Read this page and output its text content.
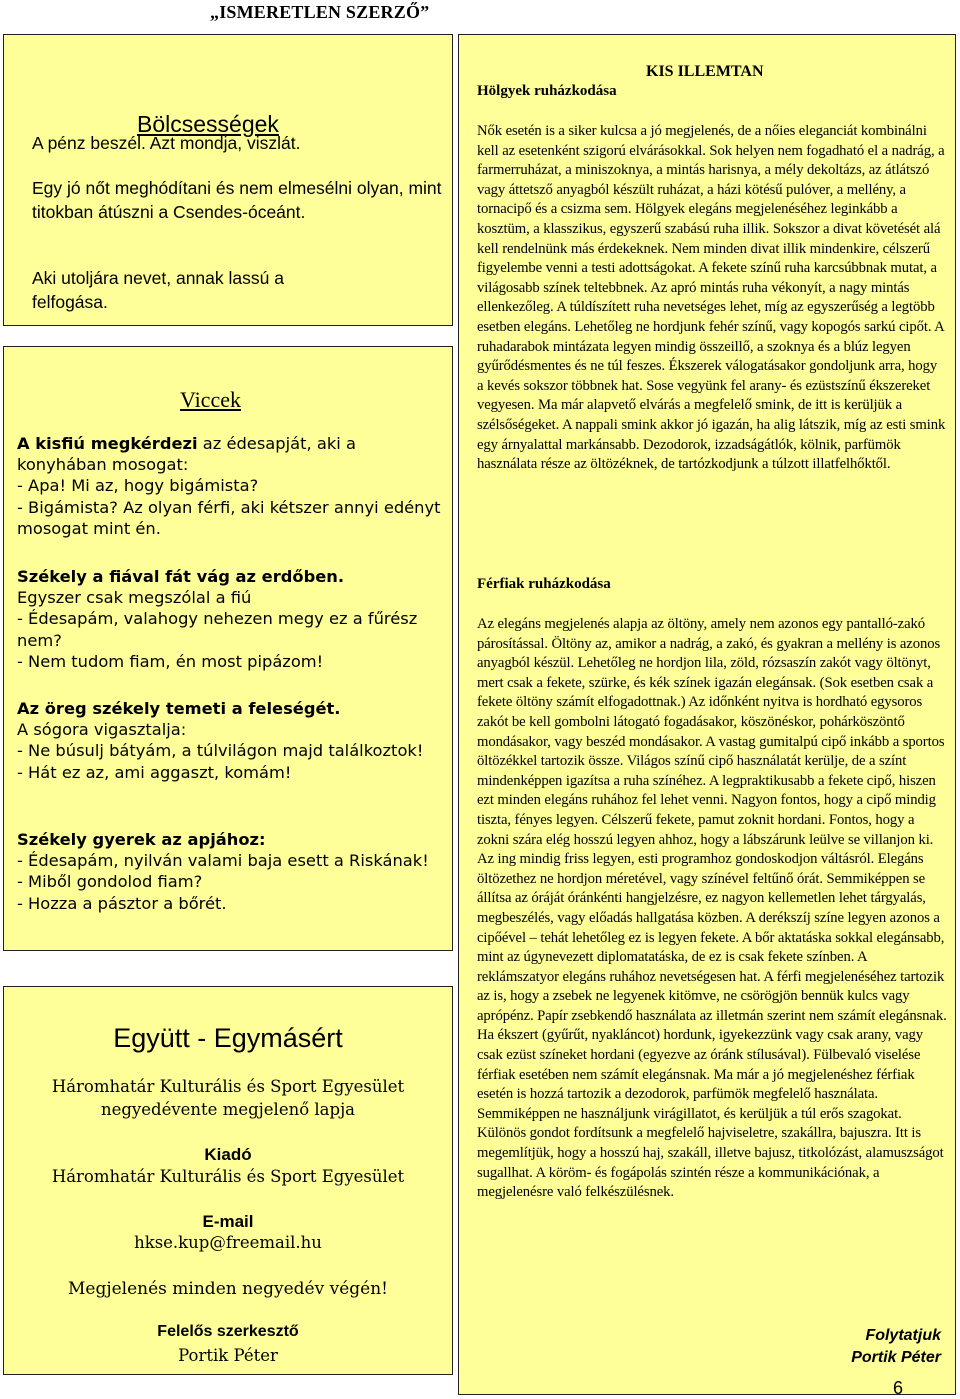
„ISMERETLEN SZERZŐ”
Bölcsességek

A pénz beszél. Azt mondja, viszlát.

Egy jó nőt meghódítani és nem elmesélni olyan, mint titokban átúszni a Csendes-óceánt.

Aki utoljára nevet, annak lassú a felfogása.

Viccek
A kisfiú megkérdezi az édesapját, aki a konyhában mosogat:
- Apa! Mi az, hogy bigámista?
- Bigámista? Az olyan férfi, aki kétszer annyi edényt mosogat mint én.
Székely a fiával fát vág az erdőben.
Egyszer csak megszólal a fiú
- Édesapám, valahogy nehezen megy ez a fűrész nem?
- Nem tudom fiam, én most pipázom!
Az öreg székely temeti a feleségét.
A sógora vigasztalja:
- Ne búsulj bátyám, a túlvilágon majd találkoztok!
- Hát ez az, ami aggaszt, komám!
Székely gyerek az apjához:
- Édesapám, nyilván valami baja esett a Riskának!
- Miből gondolod fiam?
- Hozza a pásztor a bőrét.
Együtt - Egymásért
Háromhatár Kulturális és Sport Egyesület
negyedévente megjelenő lapja
Kiadó
Háromhatár Kulturális és Sport Egyesület
E-mail
hkse.kup@freemail.hu
Megjelenés minden negyedév végén!
Felelős szerkesztő
Portik Péter
KIS ILLEMTAN
Hölgyek ruházkodása

Nők esetén is a siker kulcsa a jó megjelenés, de a nőies eleganciát kombinálni kell az esetenként szigorú elvárásokkal. Sok helyen nem fogadható el a nadrág, a farmerruházat, a miniszoknya, a mintás harisnya, a mély dekoltázs, az átlátszó vagy áttetsző anyagból készült ruházat, a házi kötésű pulóver, a mellény, a tornacipő és a csizma sem. Hölgyek elegáns megjelenéséhez leginkább a kosztüm, a klasszikus, egyszerű szabású ruha illik. Sokszor a divat követését alá kell rendelnünk más érdekeknek. Nem minden divat illik mindenkire, célszerű figyelembe venni a testi adottságokat. A fekete színű ruha karcsúbbnak mutat, a világosabb színek teltebbnek. Az apró mintás ruha vékonyít, a nagy mintás ellenkezőleg. A túldíszített ruha nevetséges lehet, míg az egyszerűség a legtöbb esetben elegáns. Lehetőleg ne hordjunk fehér színű, vagy kopogós sarkú cipőt. A ruhadarabok mintázata legyen mindig összeillő, a szoknya és a blúz legyen gyűrődésmentes és ne túl feszes. Ékszerek válogatásakor gondoljunk arra, hogy a kevés sokszor többnek hat. Sose vegyünk fel arany- és ezüstszínű ékszereket vegyesen. Ma már alapvető elvárás a megfelelő smink, de itt is kerüljük a szélsőségeket. A nappali smink akkor jó igazán, ha alig látszik, míg az esti smink egy árnyalattal markánsabb. Dezodorok, izzadságátlók, kölnik, parfümök használata része az öltözéknek, de tartózkodjunk a túlzott illatfelhőktől.

Férfiak ruházkodása

Az elegáns megjelenés alapja az öltöny, amely nem azonos egy pantalló-zakó párosítással. Öltöny az, amikor a nadrág, a zakó, és gyakran a mellény is azonos anyagból készül. Lehetőleg ne hordjon lila, zöld, rózsaszín zakót vagy öltönyt, mert csak a fekete, szürke, és kék színek igazán elegánsak. (Sok esetben csak a fekete öltöny számít elfogadottnak.) Az időnként nyitva is hordható egysoros zakót be kell gombolni látogató fogadásakor, köszönéskor, pohárköszöntő mondásakor, vagy beszéd mondásakor. A vastag gumitalpú cipő inkább a sportos öltözékkel tartozik össze. Világos színű cipő használatát kerülje, de a színt mindenképpen igazítsa a ruha színéhez. A legpraktikusabb a fekete cipő, hiszen ezt minden elegáns ruhához fel lehet venni. Nagyon fontos, hogy a cipő mindig tiszta, fényes legyen. Célszerű fekete, pamut zoknit hordani. Fontos, hogy a zokni szára elég hosszú legyen ahhoz, hogy a lábszárunk leülve se villanjon ki. Az ing mindig friss legyen, esti programhoz gondoskodjon váltásról. Elegáns öltözethez ne hordjon méretével, vagy színével feltűnő órát. Semmiképpen se állítsa az óráját óránkénti hangjelzésre, ez nagyon kellemetlen lehet tárgyalás, megbeszélés, vagy előadás hallgatása közben. A derékszíj színe legyen azonos a cipőével – tehát lehetőleg ez is legyen fekete. A bőr aktatáska sokkal elegánsabb, mint az úgynevezett diplomatatáska, de ez is csak fekete színben. A reklámszatyor elegáns ruhához nevetségesen hat. A férfi megjelenéséhez tartozik az is, hogy a zsebek ne legyenek kitömve, ne csörögjön bennük kulcs vagy aprópénz. Papír zsebkendő használata az illetmán szerint nem számít elegánsnak. Ha ékszert (gyűrűt, nyakláncot) hordunk, igyekezzünk vagy csak arany, vagy csak ezüst színeket hordani (egyezve az óránk stílusával). Fülbevaló viselése férfiak esetében nem számít elegánsnak. Ma már a jó megjelenéshez férfiak esetén is hozzá tartozik a dezodorok, parfümök megfelelő használata. Semmiképpen ne használjunk virágillatot, és kerüljük a túl erős szagokat. Különös gondot fordítsunk a megfelelő hajviseletre, szakállra, bajuszra. Itt is megemlítjük, hogy a hosszú haj, szakáll, illetve bajusz, titkolózást, alamuszságot sugallhat. A köröm- és fogápolás szintén része a kommunikációnak, a megjelenésre való felkészülésnek.

Folytatjuk
Portik Péter
6
